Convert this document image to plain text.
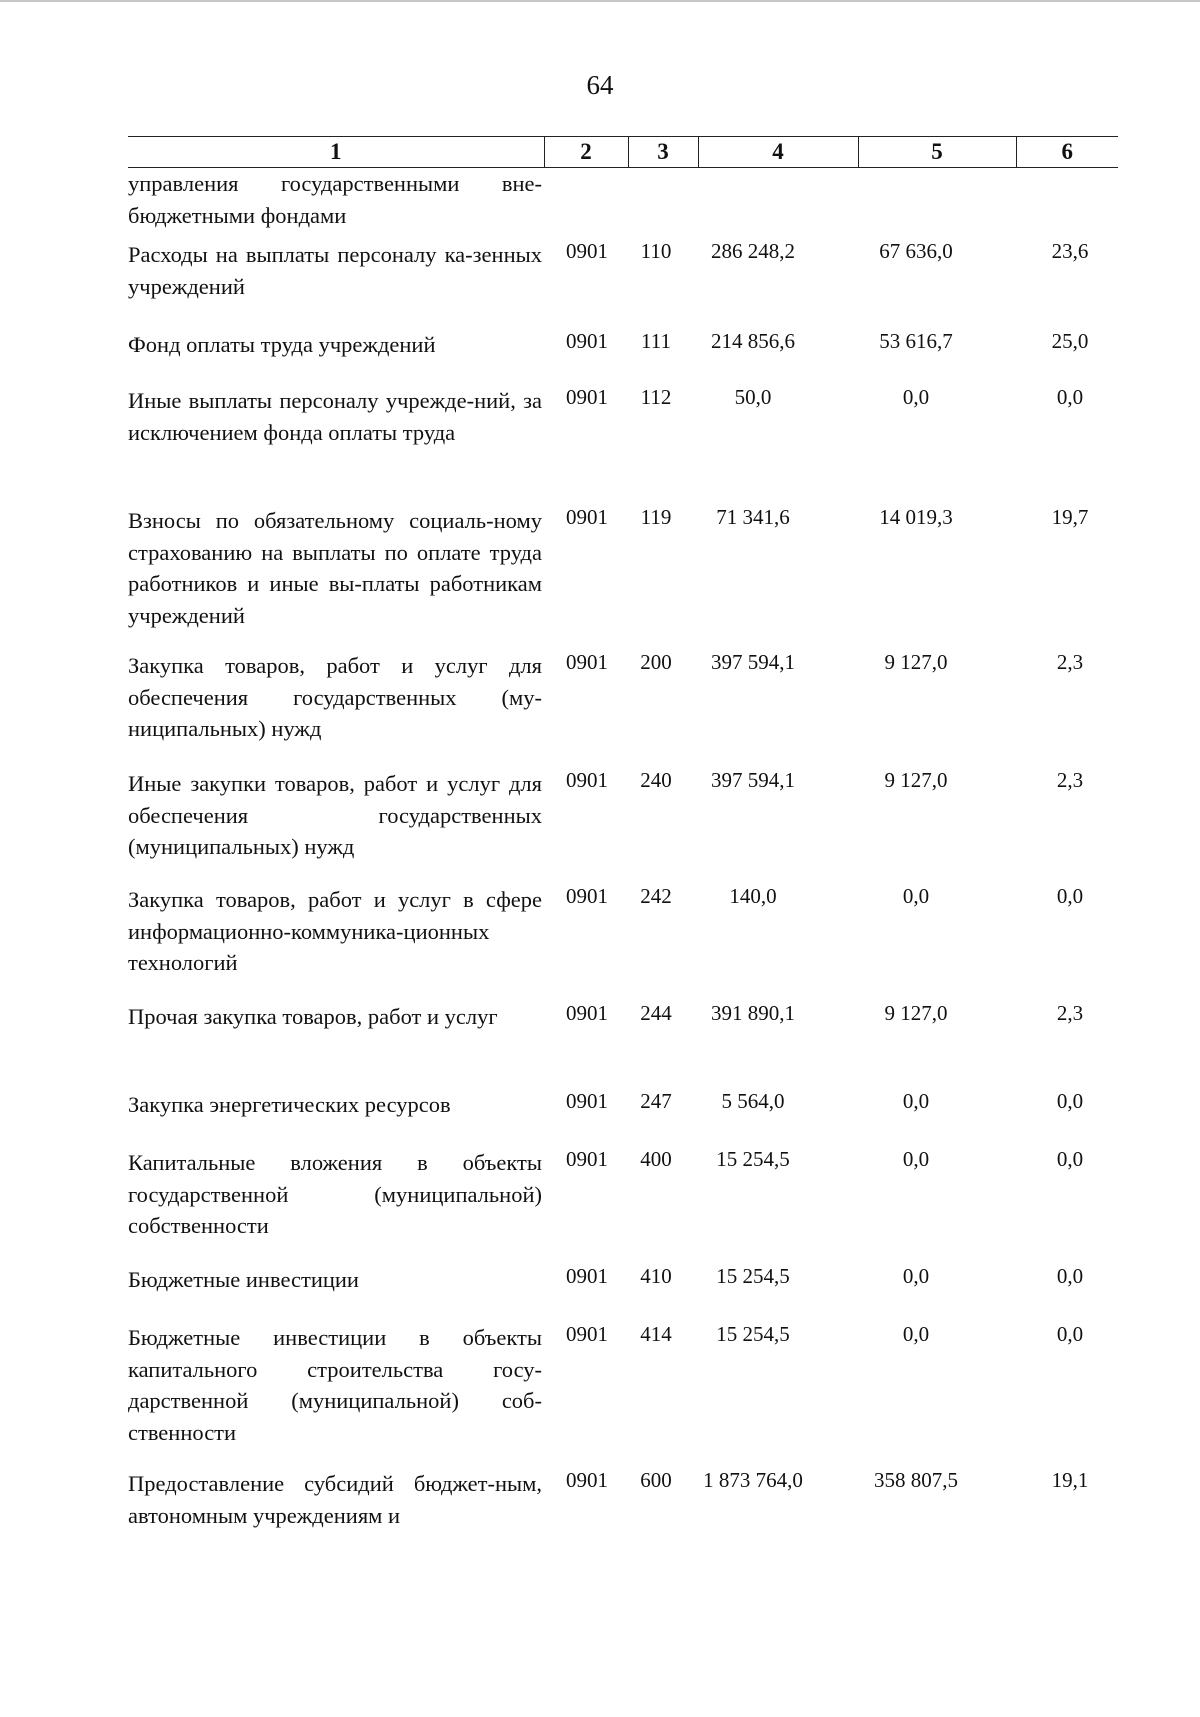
64
1	2	3	4	5	6
управления государственными вне-бюджетными фондами					
Расходы на выплаты персоналу ка-зенных учреждений	0901	110	286 248,2	67 636,0	23,6
Фонд оплаты труда учреждений	0901	111	214 856,6	53 616,7	25,0
Иные выплаты персоналу учрежде-ний, за исключением фонда оплаты труда	0901	112	50,0	0,0	0,0
Взносы по обязательному социаль-ному страхованию на выплаты по оплате труда работников и иные вы-платы работникам учреждений	0901	119	71 341,6	14 019,3	19,7
Закупка товаров, работ и услуг для обеспечения государственных (му-ниципальных) нужд	0901	200	397 594,1	9 127,0	2,3
Иные закупки товаров, работ и услуг для обеспечения государственных (муниципальных) нужд	0901	240	397 594,1	9 127,0	2,3
Закупка товаров, работ и услуг в сфере информационно-коммуника-ционных технологий	0901	242	140,0	0,0	0,0
Прочая закупка товаров, работ и услуг	0901	244	391 890,1	9 127,0	2,3
Закупка энергетических ресурсов	0901	247	5 564,0	0,0	0,0
Капитальные вложения в объекты государственной (муниципальной) собственности	0901	400	15 254,5	0,0	0,0
Бюджетные инвестиции	0901	410	15 254,5	0,0	0,0
Бюджетные инвестиции в объекты капитального строительства госу-дарственной (муниципальной) соб-ственности	0901	414	15 254,5	0,0	0,0
Предоставление субсидий бюджет-ным, автономным учреждениям и	0901	600	1 873 764,0	358 807,5	19,1
